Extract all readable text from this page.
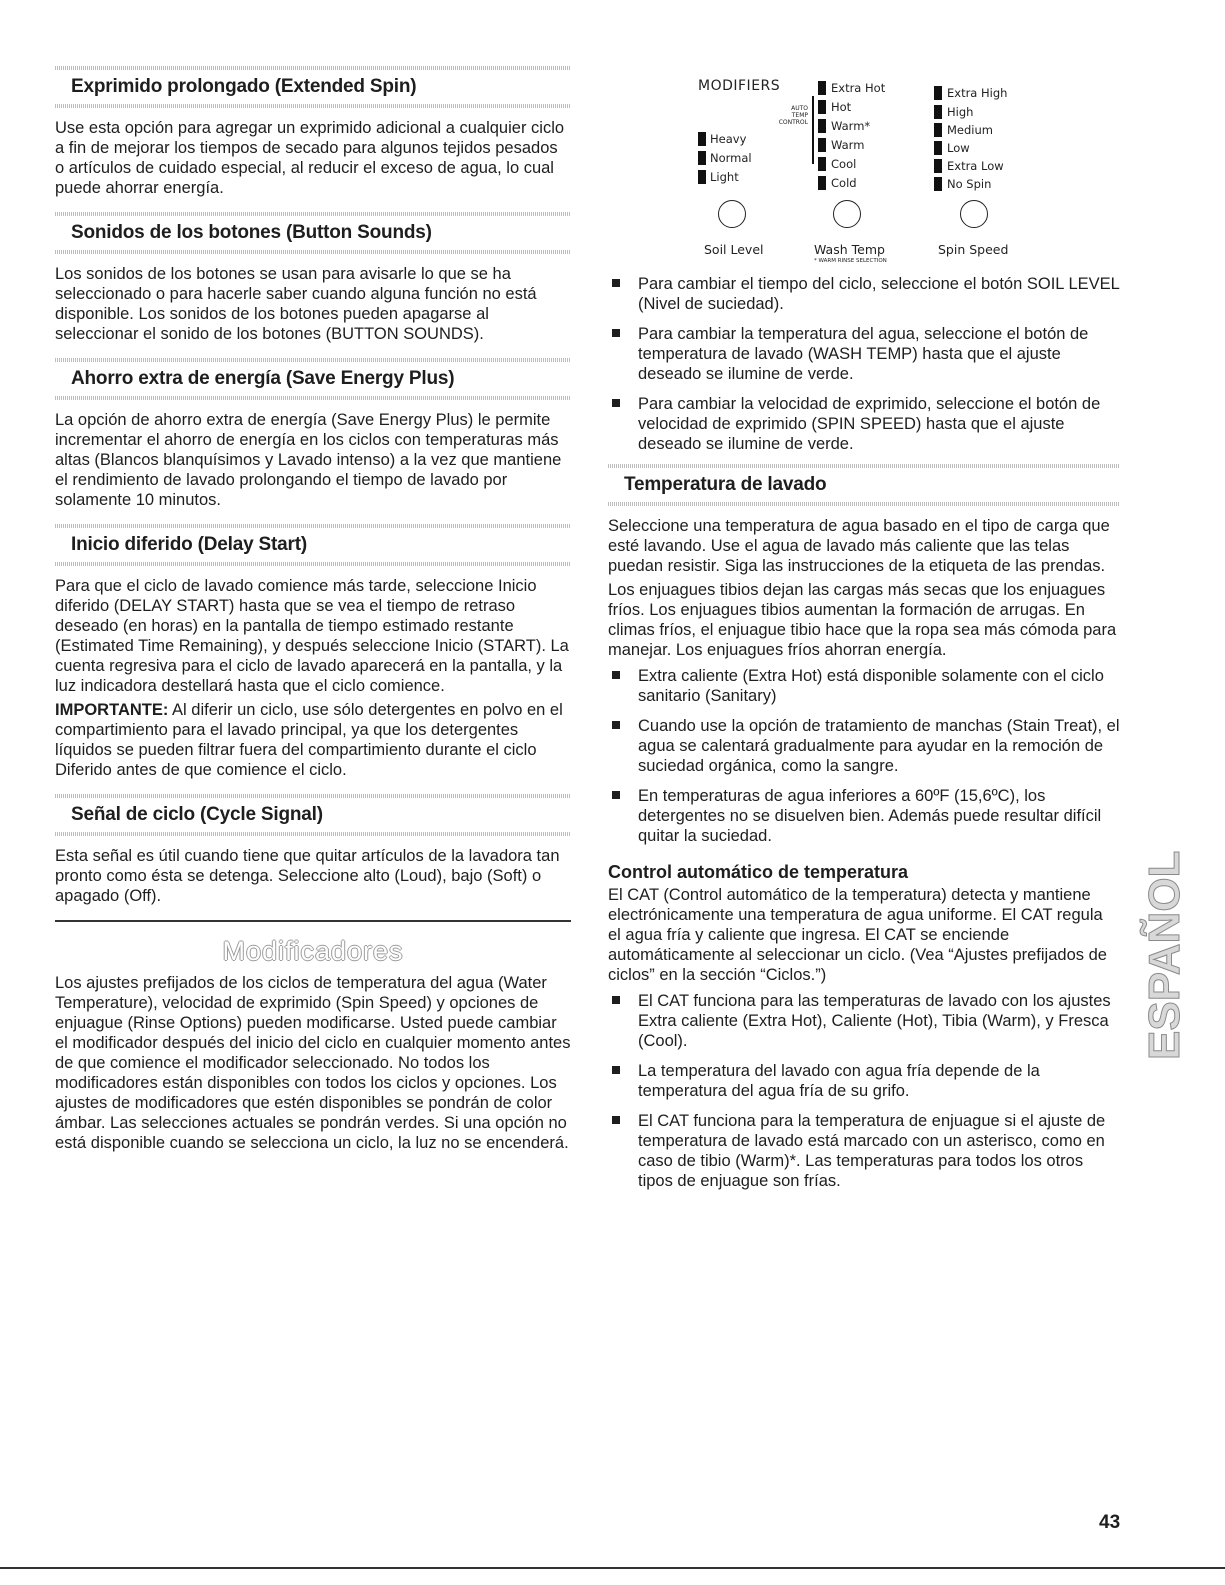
Exprimido prolongado (Extended Spin)

Use esta opción para agregar un exprimido adicional a cualquier ciclo a fin de mejorar los tiempos de secado para algunos tejidos pesados o artículos de cuidado especial, al reducir el exceso de agua, lo cual puede ahorrar energía.

Sonidos de los botones (Button Sounds)

Los sonidos de los botones se usan para avisarle lo que se ha seleccionado o para hacerle saber cuando alguna función no está disponible. Los sonidos de los botones pueden apagarse al seleccionar el sonido de los botones (BUTTON SOUNDS).

Ahorro extra de energía (Save Energy Plus)

La opción de ahorro extra de energía (Save Energy Plus) le permite incrementar el ahorro de energía en los ciclos con temperaturas más altas (Blancos blanquísimos y Lavado intenso) a la vez que mantiene el rendimiento de lavado prolongando el tiempo de lavado por solamente 10 minutos.

Inicio diferido (Delay Start)

Para que el ciclo de lavado comience más tarde, seleccione Inicio diferido (DELAY START) hasta que se vea el tiempo de retraso deseado (en horas) en la pantalla de tiempo estimado restante (Estimated Time Remaining), y después seleccione Inicio (START). La cuenta regresiva para el ciclo de lavado aparecerá en la pantalla, y la luz indicadora destellará hasta que el ciclo comience.

IMPORTANTE: Al diferir un ciclo, use sólo detergentes en polvo en el compartimiento para el lavado principal, ya que los detergentes líquidos se pueden filtrar fuera del compartimiento durante el ciclo Diferido antes de que comience el ciclo.

Señal de ciclo (Cycle Signal)

Esta señal es útil cuando tiene que quitar artículos de la lavadora tan pronto como ésta se detenga. Seleccione alto (Loud), bajo (Soft) o apagado (Off).

Modificadores

Los ajustes prefijados de los ciclos de temperatura del agua (Water Temperature), velocidad de exprimido (Spin Speed) y opciones de enjuague (Rinse Options) pueden modificarse. Usted puede cambiar el modificador después del inicio del ciclo en cualquier momento antes de que comience el modificador seleccionado. No todos los modificadores están disponibles con todos los ciclos y opciones. Los ajustes de modificadores que estén disponibles se pondrán de color ámbar. Las selecciones actuales se pondrán verdes. Si una opción no está disponible cuando se selecciona un ciclo, la luz no se encenderá.

MODIFIERS
AUTO
TEMP
CONTROL
Heavy
Normal
Light
Extra Hot
Hot
Warm*
Warm
Cool
Cold
Extra High
High
Medium
Low
Extra Low
No Spin
Soil Level	Wash Temp	Spin Speed
* WARM RINSE SELECTION
Para cambiar el tiempo del ciclo, seleccione el botón SOIL LEVEL (Nivel de suciedad).
Para cambiar la temperatura del agua, seleccione el botón de temperatura de lavado (WASH TEMP) hasta que el ajuste deseado se ilumine de verde.
Para cambiar la velocidad de exprimido, seleccione el botón de velocidad de exprimido (SPIN SPEED) hasta que el ajuste deseado se ilumine de verde.
Temperatura de lavado

Seleccione una temperatura de agua basado en el tipo de carga que esté lavando. Use el agua de lavado más caliente que las telas puedan resistir. Siga las instrucciones de la etiqueta de las prendas.

Los enjuagues tibios dejan las cargas más secas que los enjuagues fríos. Los enjuagues tibios aumentan la formación de arrugas. En climas fríos, el enjuague tibio hace que la ropa sea más cómoda para manejar. Los enjuagues fríos ahorran energía.

Extra caliente (Extra Hot) está disponible solamente con el ciclo sanitario (Sanitary)
Cuando use la opción de tratamiento de manchas (Stain Treat), el agua se calentará gradualmente para ayudar en la remoción de suciedad orgánica, como la sangre.
En temperaturas de agua inferiores a 60ºF (15,6ºC), los detergentes no se disuelven bien. Además puede resultar difícil quitar la suciedad.
Control automático de temperatura

El CAT (Control automático de la temperatura) detecta y mantiene electrónicamente una temperatura de agua uniforme. El CAT regula el agua fría y caliente que ingresa. El CAT se enciende automáticamente al seleccionar un ciclo. (Vea “Ajustes prefijados de ciclos” en la sección “Ciclos.”)

El CAT funciona para las temperaturas de lavado con los ajustes Extra caliente (Extra Hot), Caliente (Hot), Tibia (Warm), y Fresca (Cool).
La temperatura del lavado con agua fría depende de la temperatura del agua fría de su grifo.
El CAT funciona para la temperatura de enjuague si el ajuste de temperatura de lavado está marcado con un asterisco, como en caso de tibio (Warm)*. Las temperaturas para todos los otros tipos de enjuague son frías.
ESPAÑOL
43
